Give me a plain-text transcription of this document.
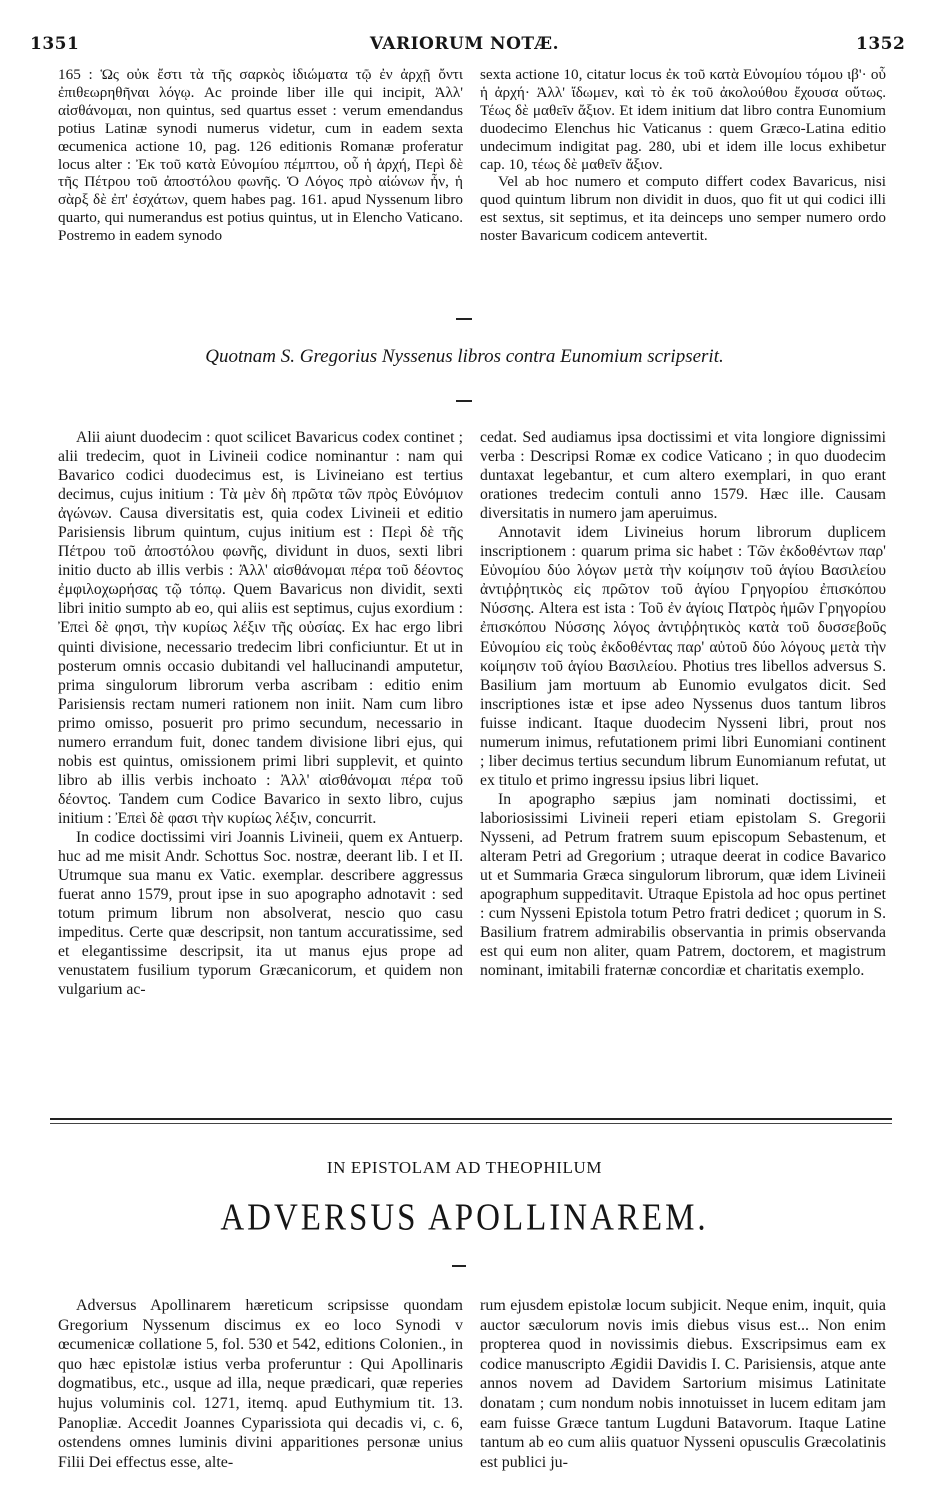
1351	VARIORUM NOTÆ.	1352

165 : Ὡς οὐκ ἔστι τὰ τῆς σαρκὸς ἰδιώματα τῷ ἐν ἀρχῇ ὄντι ἐπιθεωρηθῆναι λόγῳ. Ac proinde liber ille qui incipit, Ἀλλ' αἰσθάνομαι, non quintus, sed quartus esset : verum emendandus potius Latinæ synodi numerus videtur, cum in eadem sexta œcumenica actione 10, pag. 126 editionis Romanæ proferatur locus alter : Ἐκ τοῦ κατὰ Εὐνομίου πέμπτου, οὗ ἡ ἀρχή, Περὶ δὲ τῆς Πέτρου τοῦ ἀποστόλου φωνῆς. Ὁ Λόγος πρὸ αἰώνων ἦν, ἡ σὰρξ δὲ ἐπ' ἐσχάτων, quem habes pag. 161. apud Nyssenum libro quarto, qui numerandus est potius quintus, ut in Elencho Vaticano. Postremo in eadem synodo

sexta actione 10, citatur locus ἐκ τοῦ κατὰ Εὐνομίου τόμου ιβ'· οὗ ἡ ἀρχή· Ἀλλ' ἴδωμεν, καὶ τὸ ἐκ τοῦ ἀκολούθου ἔχουσα οὕτως. Τέως δὲ μαθεῖν ἄξιον. Et idem initium dat libro contra Eunomium duodecimo Elenchus hic Vaticanus : quem Græco-Latina editio undecimum indigitat pag. 280, ubi et idem ille locus exhibetur cap. 10, τέως δὲ μαθεῖν ἄξιον.

Vel ab hoc numero et computo differt codex Bavaricus, nisi quod quintum librum non dividit in duos, quo fit ut qui codici illi est sextus, sit septimus, et ita deinceps uno semper numero ordo noster Bavaricum codicem antevertit.

Quotnam S. Gregorius Nyssenus libros contra Eunomium scripserit.

Alii aiunt duodecim : quot scilicet Bavaricus codex continet ; alii tredecim, quot in Livineii codice nominantur : nam qui Bavarico codici duodecimus est, is Livineiano est tertius decimus, cujus initium : Τὰ μὲν δὴ πρῶτα τῶν πρὸς Εὐνόμιον ἀγώνων. Causa diversitatis est, quia codex Livineii et editio Parisiensis librum quintum, cujus initium est : Περὶ δὲ τῆς Πέτρου τοῦ ἀποστόλου φωνῆς, dividunt in duos, sexti libri initio ducto ab illis verbis : Ἀλλ' αἰσθάνομαι πέρα τοῦ δέοντος ἐμφιλοχωρήσας τῷ τόπῳ. Quem Bavaricus non dividit, sexti libri initio sumpto ab eo, qui aliis est septimus, cujus exordium : Ἐπεὶ δὲ φησι, τὴν κυρίως λέξιν τῆς οὐσίας. Ex hac ergo libri quinti divisione, necessario tredecim libri conficiuntur. Et ut in posterum omnis occasio dubitandi vel hallucinandi amputetur, prima singulorum librorum verba ascribam : editio enim Parisiensis rectam numeri rationem non iniit. Nam cum libro primo omisso, posuerit pro primo secundum, necessario in numero errandum fuit, donec tandem divisione libri ejus, qui nobis est quintus, omissionem primi libri supplevit, et quinto libro ab illis verbis inchoato : Ἀλλ' αἰσθάνομαι πέρα τοῦ δέοντος. Tandem cum Codice Bavarico in sexto libro, cujus initium : Ἐπεὶ δὲ φασι τὴν κυρίως λέξιν, concurrit.

In codice doctissimi viri Joannis Livineii, quem ex Antuerp. huc ad me misit Andr. Schottus Soc. nostræ, deerant lib. I et II. Utrumque sua manu ex Vatic. exemplar. describere aggressus fuerat anno 1579, prout ipse in suo apographo adnotavit : sed totum primum librum non absolverat, nescio quo casu impeditus. Certe quæ descripsit, non tantum accuratissime, sed et elegantissime descripsit, ita ut manus ejus prope ad venustatem fusilium typorum Græcanicorum, et quidem non vulgarium ac-

cedat. Sed audiamus ipsa doctissimi et vita longiore dignissimi verba : Descripsi Romæ ex codice Vaticano ; in quo duodecim duntaxat legebantur, et cum altero exemplari, in quo erant orationes tredecim contuli anno 1579. Hæc ille. Causam diversitatis in numero jam aperuimus.

Annotavit idem Livineius horum librorum duplicem inscriptionem : quarum prima sic habet : Τῶν ἐκδοθέντων παρ' Εὐνομίου δύο λόγων μετὰ τὴν κοίμησιν τοῦ ἁγίου Βασιλείου ἀντιῤῥητικὸς εἰς πρῶτον τοῦ ἁγίου Γρηγορίου ἐπισκόπου Νύσσης. Altera est ista : Τοῦ ἐν ἁγίοις Πατρὸς ἡμῶν Γρηγορίου ἐπισκόπου Νύσσης λόγος ἀντιῤῥητικὸς κατὰ τοῦ δυσσεβοῦς Εὐνομίου εἰς τοὺς ἐκδοθέντας παρ' αὐτοῦ δύο λόγους μετὰ τὴν κοίμησιν τοῦ ἁγίου Βασιλείου. Photius tres libellos adversus S. Basilium jam mortuum ab Eunomio evulgatos dicit. Sed inscriptiones istæ et ipse adeo Nyssenus duos tantum libros fuisse indicant. Itaque duodecim Nysseni libri, prout nos numerum inimus, refutationem primi libri Eunomiani continent ; liber decimus tertius secundum librum Eunomianum refutat, ut ex titulo et primo ingressu ipsius libri liquet.

In apographo sæpius jam nominati doctissimi, et laboriosissimi Livineii reperi etiam epistolam S. Gregorii Nysseni, ad Petrum fratrem suum episcopum Sebastenum, et alteram Petri ad Gregorium ; utraque deerat in codice Bavarico ut et Summaria Græca singulorum librorum, quæ idem Livineii apographum suppeditavit. Utraque Epistola ad hoc opus pertinet : cum Nysseni Epistola totum Petro fratri dedicet ; quorum in S. Basilium fratrem admirabilis observantia in primis observanda est qui eum non aliter, quam Patrem, doctorem, et magistrum nominant, imitabili fraternæ concordiæ et charitatis exemplo.

IN EPISTOLAM AD THEOPHILUM
ADVERSUS APOLLINAREM.

Adversus Apollinarem hæreticum scripsisse quondam Gregorium Nyssenum discimus ex eo loco Synodi v œcumenicæ collatione 5, fol. 530 et 542, editions Colonien., in quo hæc epistolæ istius verba proferuntur : Qui Apollinaris dogmatibus, etc., usque ad illa, neque prædicari, quæ reperies hujus voluminis col. 1271, itemq. apud Euthymium tit. 13. Panopliæ. Accedit Joannes Cyparissiota qui decadis vi, c. 6, ostendens omnes luminis divini apparitiones personæ unius Filii Dei effectus esse, alte-

rum ejusdem epistolæ locum subjicit. Neque enim, inquit, quia auctor sæculorum novis imis diebus visus est... Non enim propterea quod in novissimis diebus. Exscripsimus eam ex codice manuscripto Ægidii Davidis I. C. Parisiensis, atque ante annos novem ad Davidem Sartorium misimus Latinitate donatam ; cum nondum nobis innotuisset in lucem editam jam eam fuisse Græce tantum Lugduni Batavorum. Itaque Latine tantum ab eo cum aliis quatuor Nysseni opusculis Græcolatinis est publici ju-
